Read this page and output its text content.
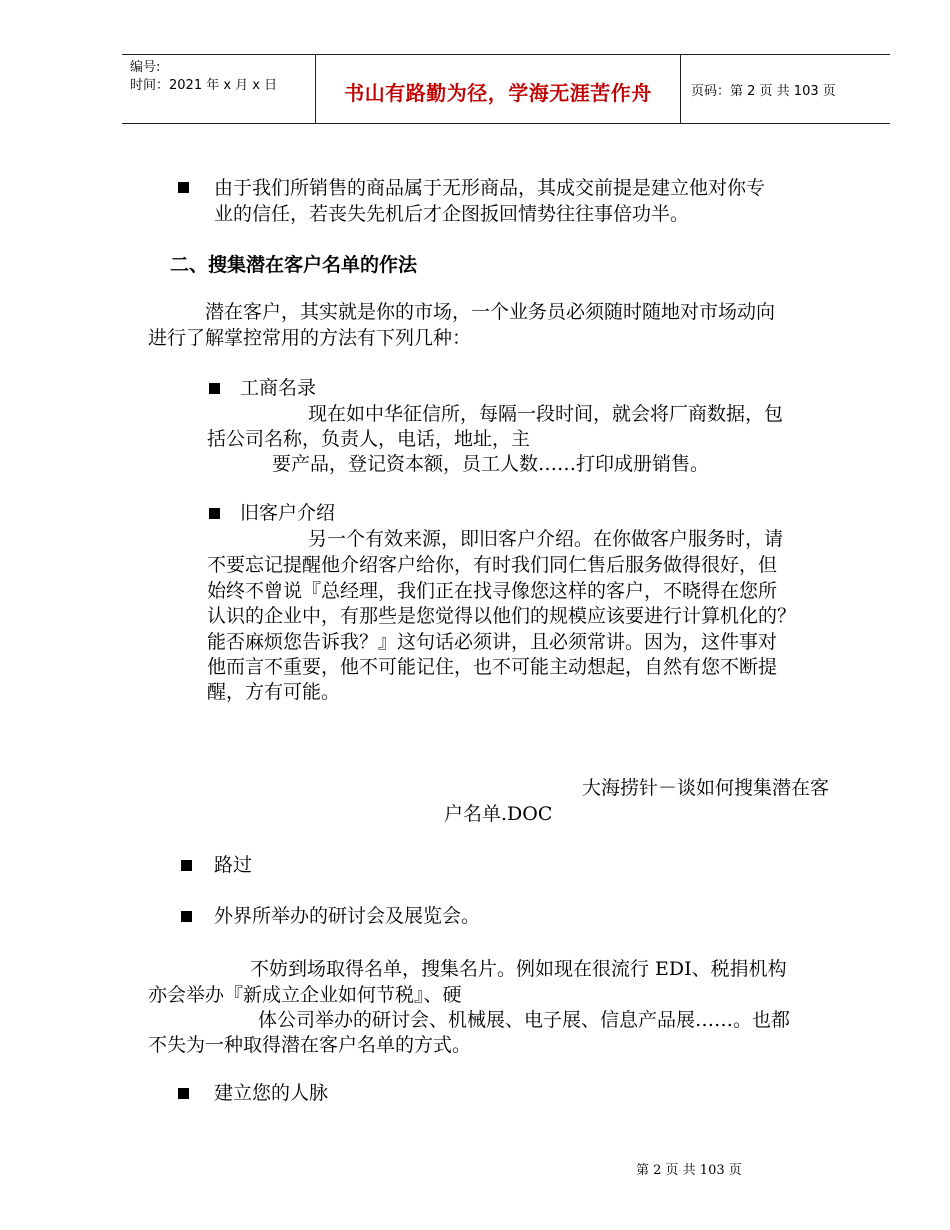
编号:
时间：2021 年 x 月 x 日	书山有路勤为径，学海无涯苦作舟	页码：第 2 页 共 103 页
由于我们所销售的商品属于无形商品，其成交前提是建立他对你专
业的信任，若丧失先机后才企图扳回情势往往事倍功半。
二、搜集潜在客户名单的作法
潜在客户，其实就是你的市场，一个业务员必须随时随地对市场动向
进行了解掌控常用的方法有下列几种：
工商名录
现在如中华征信所，每隔一段时间，就会将厂商数据，包
括公司名称，负责人，电话，地址，主
要产品，登记资本额，员工人数……打印成册销售。
旧客户介绍
另一个有效来源，即旧客户介绍。在你做客户服务时，请
不要忘记提醒他介绍客户给你，有时我们同仁售后服务做得很好，但
始终不曾说『总经理，我们正在找寻像您这样的客户，不晓得在您所
认识的企业中，有那些是您觉得以他们的规模应该要进行计算机化的？
能否麻烦您告诉我？』这句话必须讲，且必须常讲。因为，这件事对
他而言不重要，他不可能记住，也不可能主动想起，自然有您不断提
醒，方有可能。
大海捞针－谈如何搜集潜在客
户名单.DOC
路过
外界所举办的研讨会及展览会。
不妨到场取得名单，搜集名片。例如现在很流行 EDI、税捐机构
亦会举办『新成立企业如何节税』、硬
体公司举办的研讨会、机械展、电子展、信息产品展……。也都
不失为一种取得潜在客户名单的方式。
建立您的人脉
第 2 页 共 103 页
